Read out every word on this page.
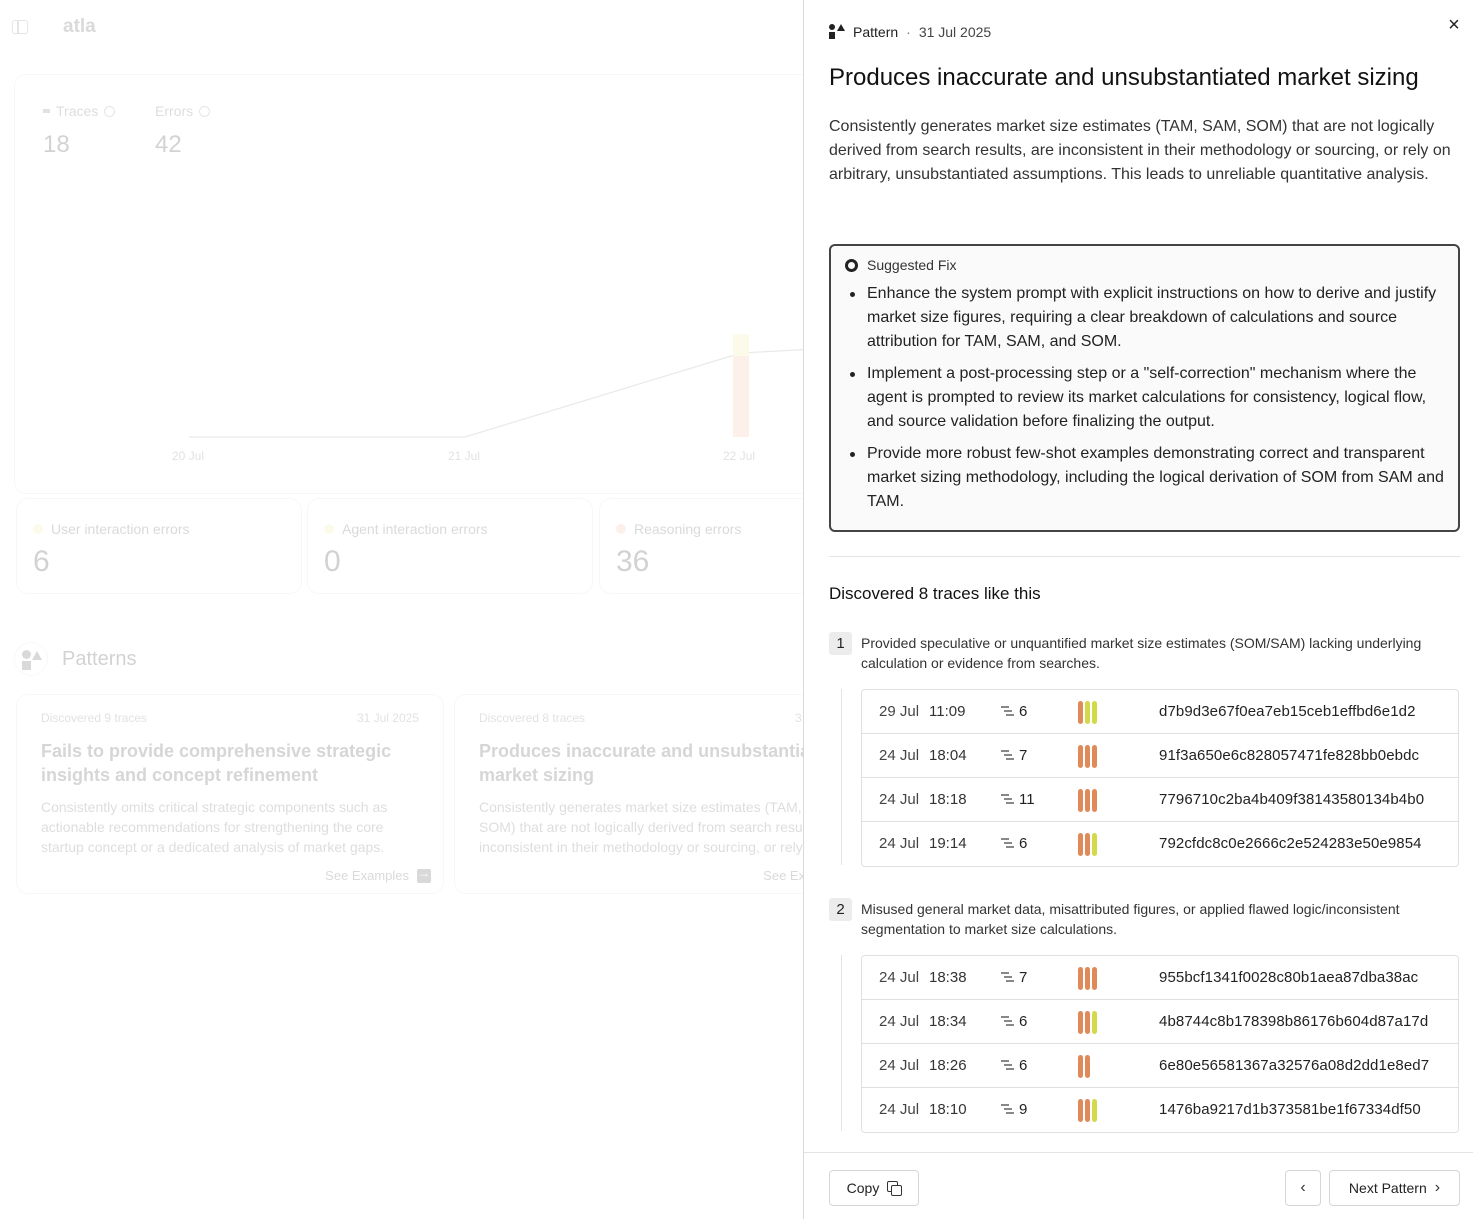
→
→
Pattern · 31 Jul 2025	×
Produces inaccurate and unsubstantiated market sizing
Consistently generates market size estimates (TAM, SAM, SOM) that are not logically derived from search results, are inconsistent in their methodology or sourcing, or rely on arbitrary, unsubstantiated assumptions. This leads to unreliable quantitative analysis.
Suggested Fix
Enhance the system prompt with explicit instructions on how to derive and justify market size figures, requiring a clear breakdown of calculations and source attribution for TAM, SAM, and SOM.
Implement a post-processing step or a "self-correction" mechanism where the agent is prompted to review its market calculations for consistency, logical flow, and source validation before finalizing the output.
Provide more robust few-shot examples demonstrating correct and transparent market sizing methodology, including the logical derivation of SOM from SAM and TAM.
Discovered 8 traces like this
1	Provided speculative or unquantified market size estimates (SOM/SAM) lacking underlying calculation or evidence from searches.
29 Jul 11:09	6	d7b9d3e67f0ea7eb15ceb1effbd6e1d2
24 Jul 18:04	7	91f3a650e6c828057471fe828bb0ebdc
24 Jul 18:18	11	7796710c2ba4b409f38143580134b4b0
24 Jul 19:14	6	792cfdc8c0e2666c2e524283e50e9854
2	Misused general market data, misattributed figures, or applied flawed logic/inconsistent segmentation to market size calculations.
24 Jul 18:38	7	955bcf1341f0028c80b1aea87dba38ac
24 Jul 18:34	6	4b8744c8b178398b86176b604d87a17d
24 Jul 18:26	6	6e80e56581367a32576a08d2dd1e8ed7
24 Jul 18:10	9	1476ba9217d1b373581be1f67334df50
Copy	‹	Next Pattern ›
